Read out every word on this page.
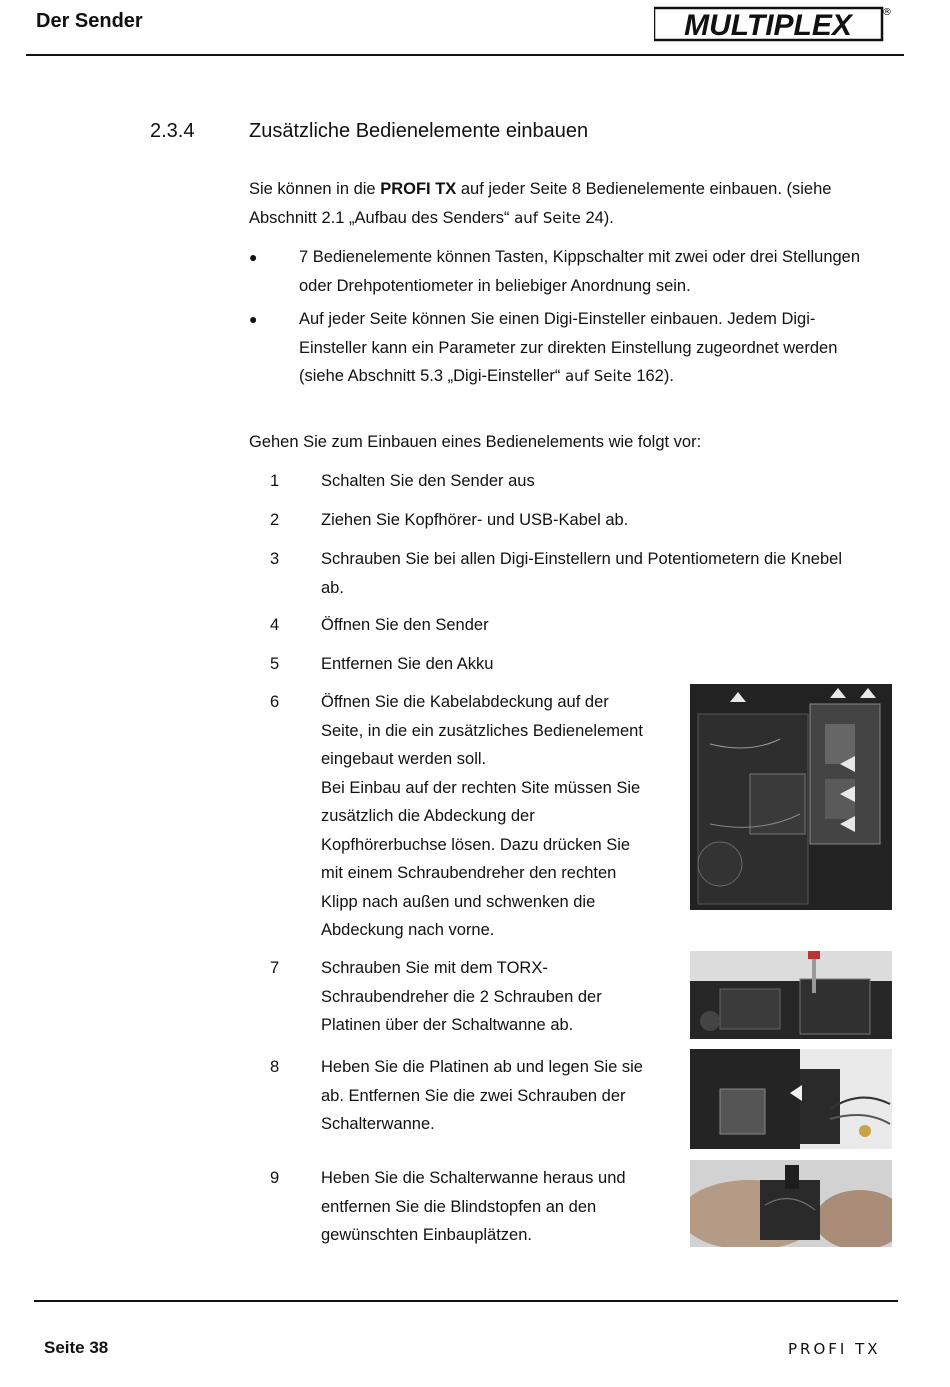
Der Sender	MULTIPLEX	®
2.3.4	Zusätzliche Bedienelemente einbauen
Sie können in die PROFI TX auf jeder Seite 8 Bedienelemente einbauen. (siehe Abschnitt 2.1 „Aufbau des Senders“ auf Seite 24).
●	7 Bedienelemente können Tasten, Kippschalter mit zwei oder drei Stellungen oder Drehpotentiometer in beliebiger Anordnung sein.
●	Auf jeder Seite können Sie einen Digi-Einsteller einbauen. Jedem Digi-Einsteller kann ein Parameter zur direkten Einstellung zugeordnet werden (siehe Abschnitt 5.3 „Digi-Einsteller“ auf Seite 162).
Gehen Sie zum Einbauen eines Bedienelements wie folgt vor:
1	Schalten Sie den Sender aus
2	Ziehen Sie Kopfhörer- und USB-Kabel ab.
3	Schrauben Sie bei allen Digi-Einstellern und Potentiometern die Knebel
ab.
4	Öffnen Sie den Sender
5	Entfernen Sie den Akku
6	Öffnen Sie die Kabelabdeckung auf der
Seite, in die ein zusätzliches Bedienelement
eingebaut werden soll.
Bei Einbau auf der rechten Site müssen Sie
zusätzlich die Abdeckung der
Kopfhörerbuchse lösen. Dazu drücken Sie
mit einem Schraubendreher den rechten
Klipp nach außen und schwenken die
Abdeckung nach vorne.
7	Schrauben Sie mit dem TORX-
Schraubendreher die 2 Schrauben der
Platinen über der Schaltwanne ab.
8	Heben Sie die Platinen ab und legen Sie sie
ab. Entfernen Sie die zwei Schrauben der
Schalterwanne.
9	Heben Sie die Schalterwanne heraus und
entfernen Sie die Blindstopfen an den
gewünschten Einbauplätzen.
Seite 38	PROFI TX
